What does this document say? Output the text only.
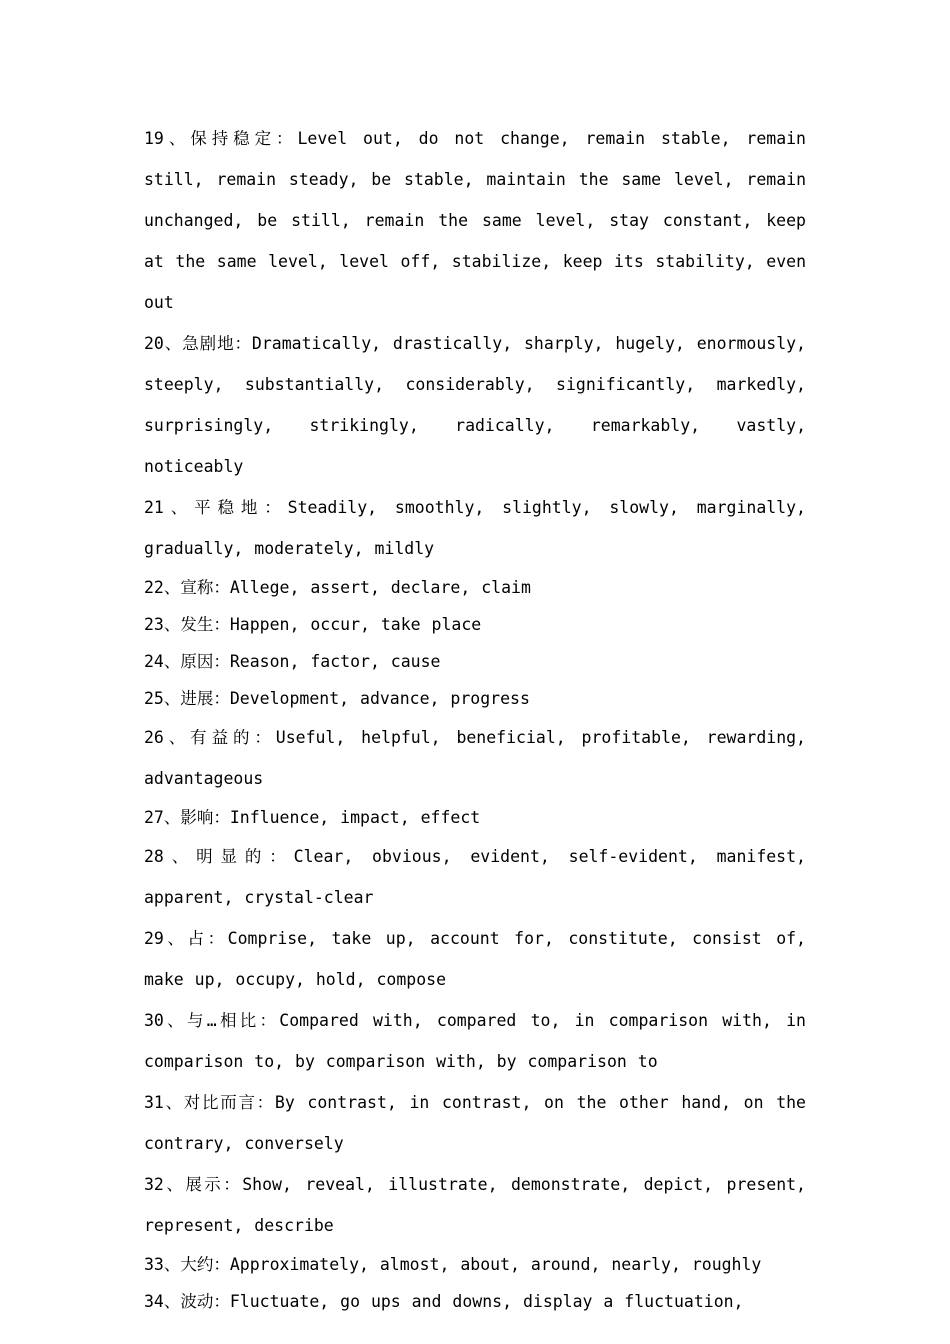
19、保持稳定：Level out, do not change, remain stable, remain still, remain steady, be stable, maintain the same level, remain unchanged, be still, remain the same level, stay constant, keep at the same level, level off, stabilize, keep its stability, even out
20、急剧地：Dramatically, drastically, sharply, hugely, enormously, steeply, substantially, considerably, significantly, markedly, surprisingly, strikingly, radically, remarkably, vastly, noticeably
21、平稳地：Steadily, smoothly, slightly, slowly, marginally, gradually, moderately, mildly
22、宣称：Allege, assert, declare, claim
23、发生：Happen, occur, take place
24、原因：Reason, factor, cause
25、进展：Development, advance, progress
26、有益的：Useful, helpful, beneficial, profitable, rewarding, advantageous
27、影响：Influence, impact, effect
28、明显的：Clear, obvious, evident, self-evident, manifest, apparent, crystal-clear
29、占：Comprise, take up, account for, constitute, consist of, make up, occupy, hold, compose
30、与…相比：Compared with, compared to, in comparison with, in comparison to, by comparison with, by comparison to
31、对比而言：By contrast, in contrast, on the other hand, on the contrary, conversely
32、展示：Show, reveal, illustrate, demonstrate, depict, present, represent, describe
33、大约：Approximately, almost, about, around, nearly, roughly
34、波动：Fluctuate, go ups and downs, display a fluctuation,
